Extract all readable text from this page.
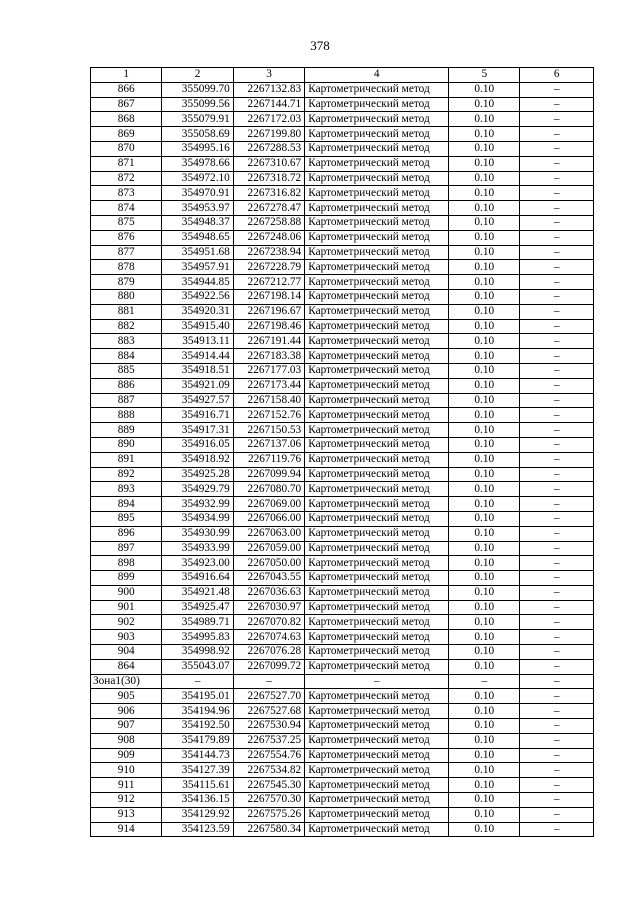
378
1	2	3	4	5	6
866	355099.70	2267132.83	Картометрический метод	0.10	–
867	355099.56	2267144.71	Картометрический метод	0.10	–
868	355079.91	2267172.03	Картометрический метод	0.10	–
869	355058.69	2267199.80	Картометрический метод	0.10	–
870	354995.16	2267288.53	Картометрический метод	0.10	–
871	354978.66	2267310.67	Картометрический метод	0.10	–
872	354972.10	2267318.72	Картометрический метод	0.10	–
873	354970.91	2267316.82	Картометрический метод	0.10	–
874	354953.97	2267278.47	Картометрический метод	0.10	–
875	354948.37	2267258.88	Картометрический метод	0.10	–
876	354948.65	2267248.06	Картометрический метод	0.10	–
877	354951.68	2267238.94	Картометрический метод	0.10	–
878	354957.91	2267228.79	Картометрический метод	0.10	–
879	354944.85	2267212.77	Картометрический метод	0.10	–
880	354922.56	2267198.14	Картометрический метод	0.10	–
881	354920.31	2267196.67	Картометрический метод	0.10	–
882	354915.40	2267198.46	Картометрический метод	0.10	–
883	354913.11	2267191.44	Картометрический метод	0.10	–
884	354914.44	2267183.38	Картометрический метод	0.10	–
885	354918.51	2267177.03	Картометрический метод	0.10	–
886	354921.09	2267173.44	Картометрический метод	0.10	–
887	354927.57	2267158.40	Картометрический метод	0.10	–
888	354916.71	2267152.76	Картометрический метод	0.10	–
889	354917.31	2267150.53	Картометрический метод	0.10	–
890	354916.05	2267137.06	Картометрический метод	0.10	–
891	354918.92	2267119.76	Картометрический метод	0.10	–
892	354925.28	2267099.94	Картометрический метод	0.10	–
893	354929.79	2267080.70	Картометрический метод	0.10	–
894	354932.99	2267069.00	Картометрический метод	0.10	–
895	354934.99	2267066.00	Картометрический метод	0.10	–
896	354930.99	2267063.00	Картометрический метод	0.10	–
897	354933.99	2267059.00	Картометрический метод	0.10	–
898	354923.00	2267050.00	Картометрический метод	0.10	–
899	354916.64	2267043.55	Картометрический метод	0.10	–
900	354921.48	2267036.63	Картометрический метод	0.10	–
901	354925.47	2267030.97	Картометрический метод	0.10	–
902	354989.71	2267070.82	Картометрический метод	0.10	–
903	354995.83	2267074.63	Картометрический метод	0.10	–
904	354998.92	2267076.28	Картометрический метод	0.10	–
864	355043.07	2267099.72	Картометрический метод	0.10	–
Зона1(30)	–	–	–	–	–
905	354195.01	2267527.70	Картометрический метод	0.10	–
906	354194.96	2267527.68	Картометрический метод	0.10	–
907	354192.50	2267530.94	Картометрический метод	0.10	–
908	354179.89	2267537.25	Картометрический метод	0.10	–
909	354144.73	2267554.76	Картометрический метод	0.10	–
910	354127.39	2267534.82	Картометрический метод	0.10	–
911	354115.61	2267545.30	Картометрический метод	0.10	–
912	354136.15	2267570.30	Картометрический метод	0.10	–
913	354129.92	2267575.26	Картометрический метод	0.10	–
914	354123.59	2267580.34	Картометрический метод	0.10	–
